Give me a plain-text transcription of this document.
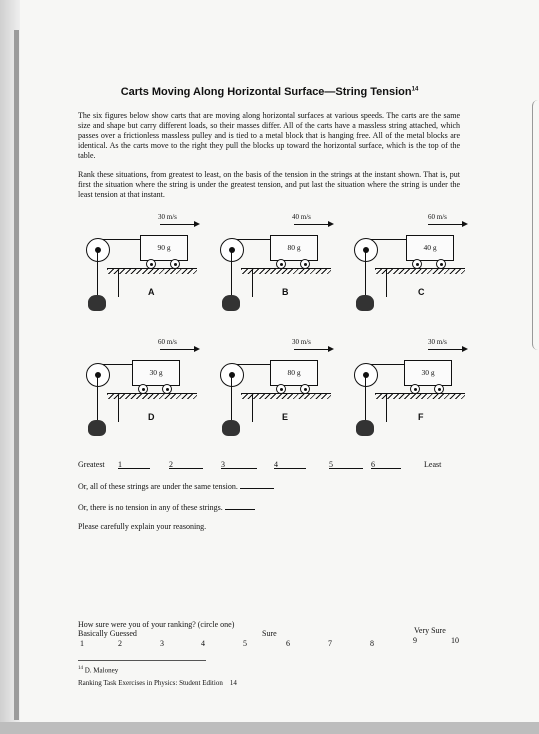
Carts Moving Along Horizontal Surface—String Tension$^{14}$

The six figures below show carts that are moving along horizontal surfaces at various speeds. The carts are the same size and shape but carry different loads, so their masses differ. All of the carts have a massless string attached, which passes over a frictionless massless pulley and is tied to a metal block that is hanging free. All of the metal blocks are identical. As the carts move to the right they pull the blocks up toward the horizontal surface, which is the top of the table.

Rank these situations, from greatest to least, on the basis of the tension in the strings at the instant shown. That is, put first the situation where the string is under the greatest tension, and put last the situation where the string is under the least tension at that instant.

30 m/s
90 g
A
40 m/s
80 g
B
60 m/s
40 g
C
60 m/s
30 g
D
30 m/s
80 g
E
30 m/s
30 g
F
Greatest 1	2	3	4	5	6	Least
Or, all of these strings are under the same tension.
Or, there is no tension in any of these strings.
Please carefully explain your reasoning.
How sure were you of your ranking? (circle one)
Basically Guessed	Sure	Very Sure
1	2	3	4	5	6	7	8	9	10
$^{14}$ D. Maloney
Ranking Task Exercises in Physics: Student Edition 14
